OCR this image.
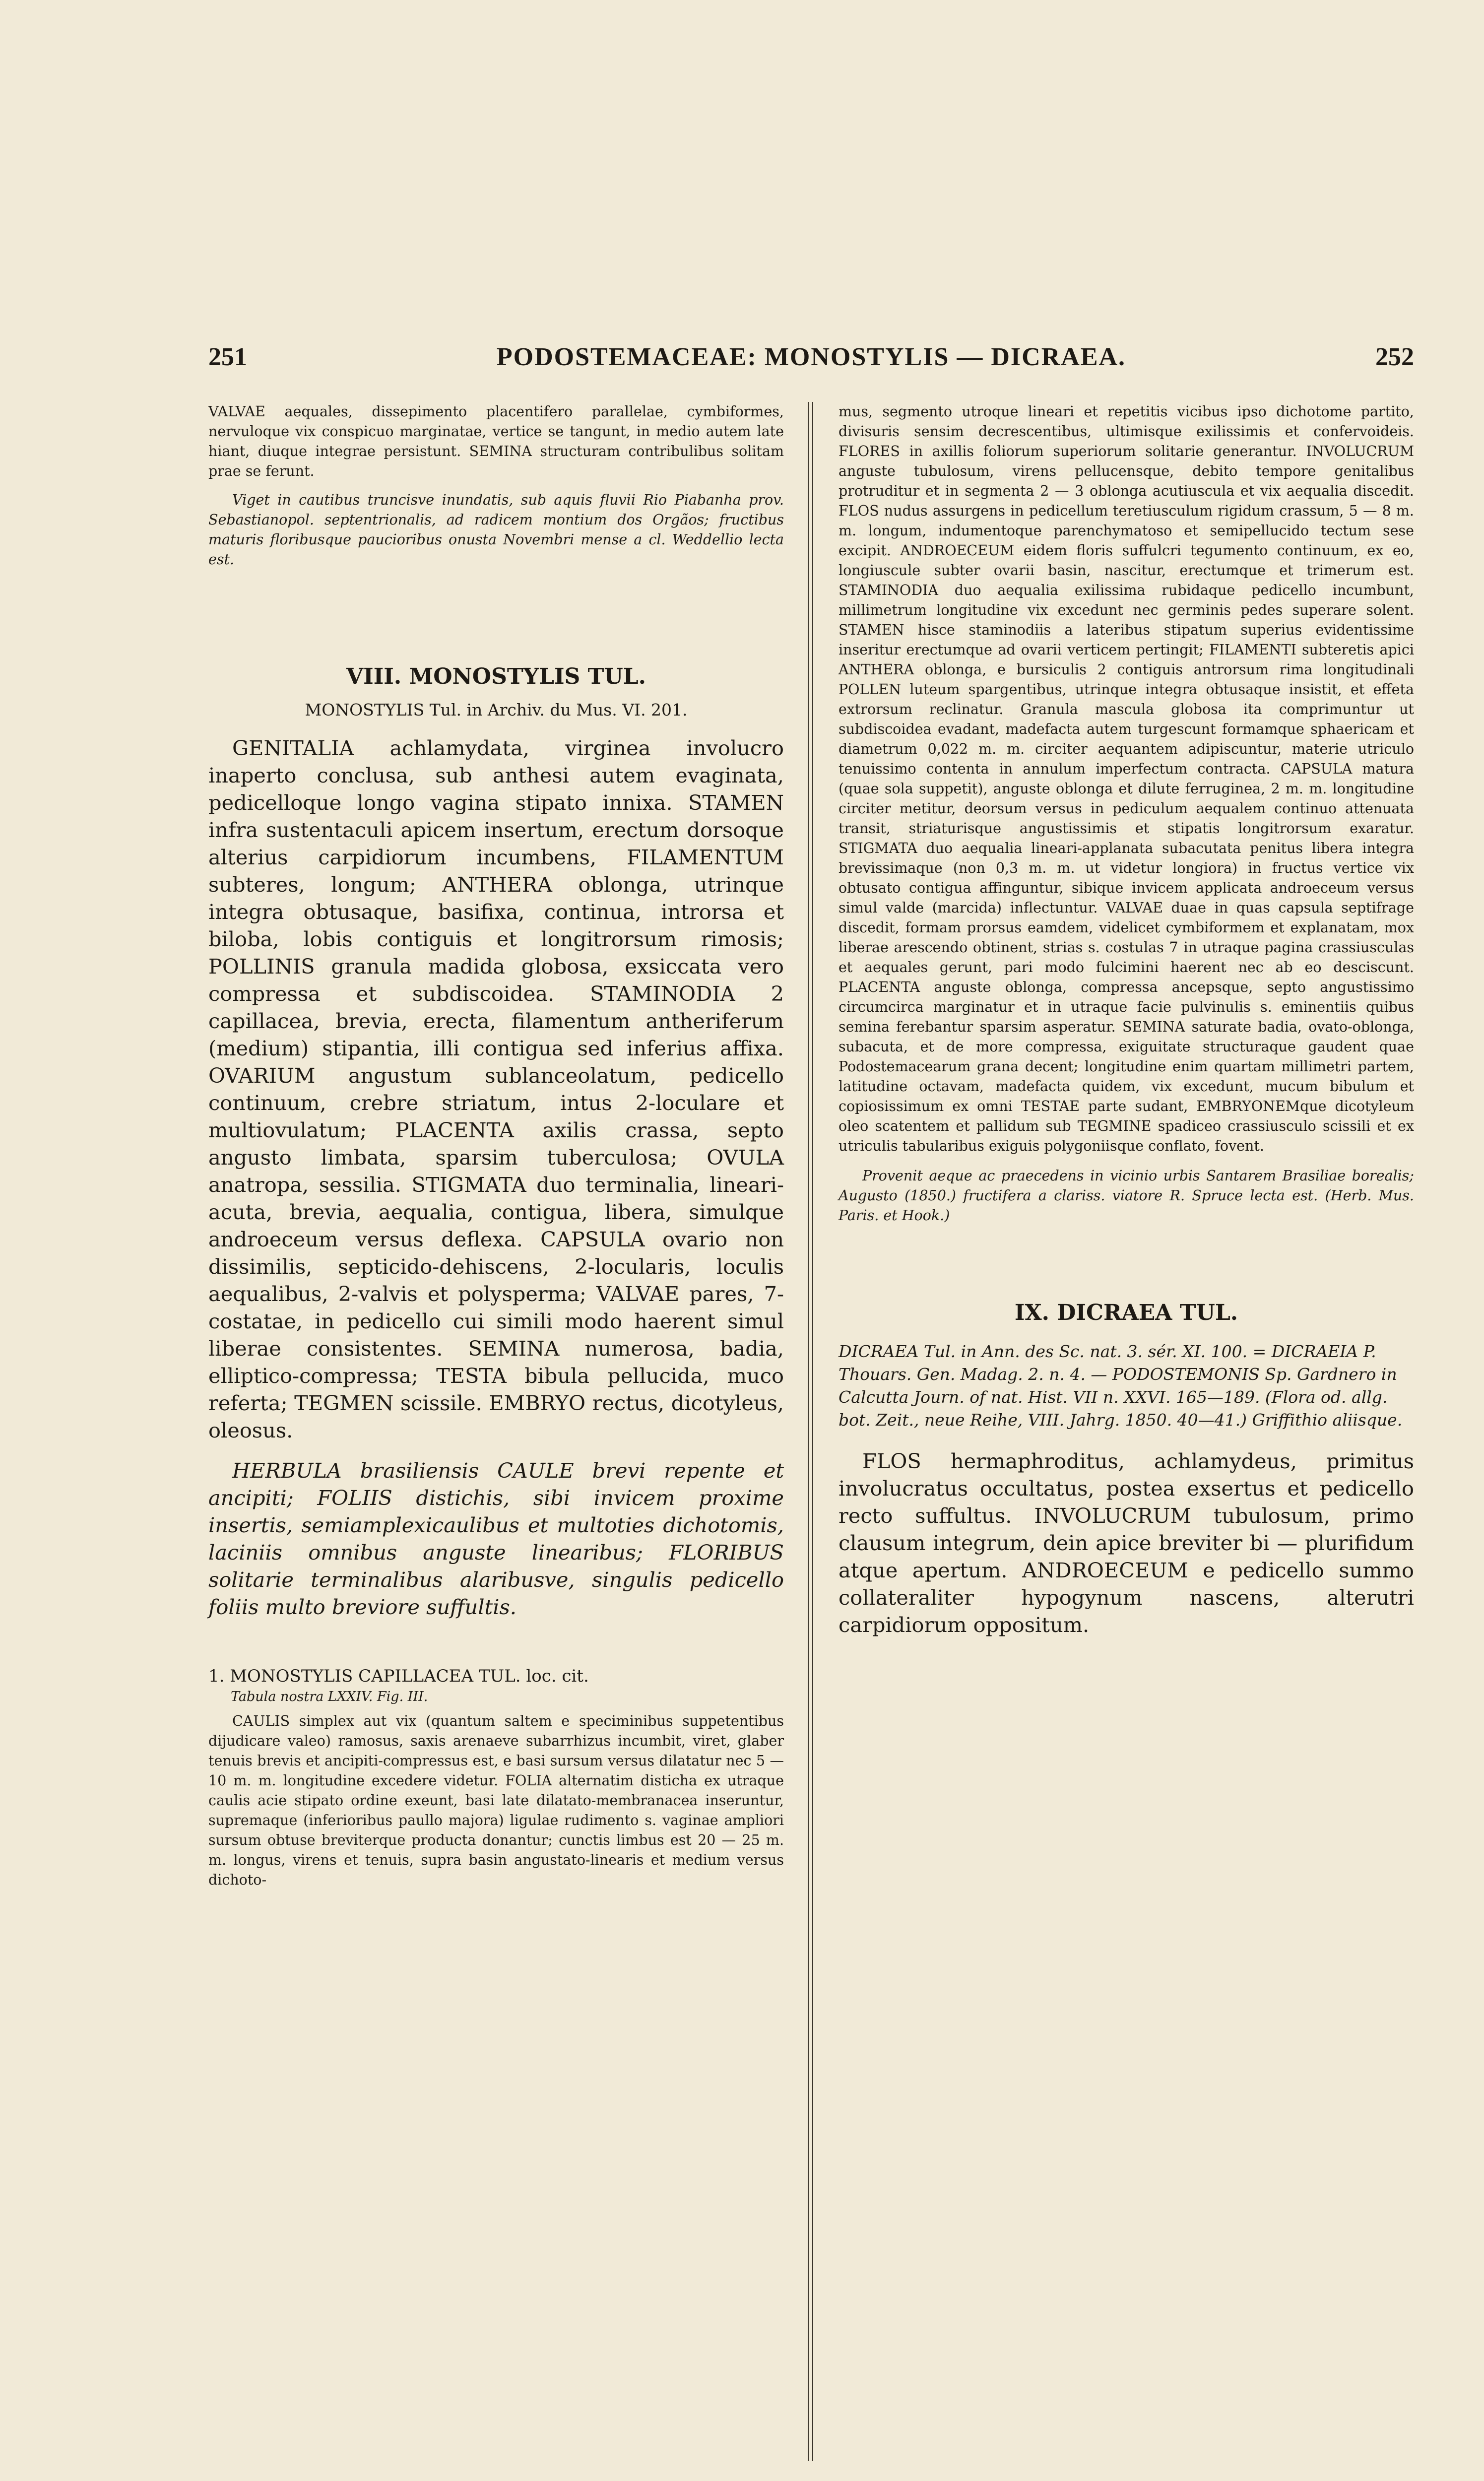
251	PODOSTEMACEAE: MONOSTYLIS — DICRAEA.	252

VALVAE aequales, dissepimento placentifero parallelae, cymbiformes, nervuloque vix conspicuo marginatae, vertice se tangunt, in medio autem late hiant, diuque integrae persistunt. SEMINA structuram contribulibus solitam prae se ferunt.

Viget in cautibus truncisve inundatis, sub aquis fluvii Rio Piabanha prov. Sebastianopol. septentrionalis, ad radicem montium dos Orgãos; fructibus maturis floribusque paucioribus onusta Novembri mense a cl. Weddellio lecta est.

VIII. MONOSTYLIS TUL.

MONOSTYLIS Tul. in Archiv. du Mus. VI. 201.

GENITALIA achlamydata, virginea involucro inaperto conclusa, sub anthesi autem evaginata, pedicelloque longo vagina stipato innixa. STAMEN infra sustentaculi apicem insertum, erectum dorsoque alterius carpidiorum incumbens, FILAMENTUM subteres, longum; ANTHERA oblonga, utrinque integra obtusaque, basifixa, continua, introrsa et biloba, lobis contiguis et longitrorsum rimosis; POLLINIS granula madida globosa, exsiccata vero compressa et subdiscoidea. STAMINODIA 2 capillacea, brevia, erecta, filamentum antheriferum (medium) stipantia, illi contigua sed inferius affixa. OVARIUM angustum sublanceolatum, pedicello continuum, crebre striatum, intus 2-loculare et multiovulatum; PLACENTA axilis crassa, septo angusto limbata, sparsim tuberculosa; OVULA anatropa, sessilia. STIGMATA duo terminalia, lineari-acuta, brevia, aequalia, contigua, libera, simulque androeceum versus deflexa. CAPSULA ovario non dissimilis, septicido-dehiscens, 2-locularis, loculis aequalibus, 2-valvis et polysperma; VALVAE pares, 7-costatae, in pedicello cui simili modo haerent simul liberae consistentes. SEMINA numerosa, badia, elliptico-compressa; TESTA bibula pellucida, muco referta; TEGMEN scissile. EMBRYO rectus, dicotyleus, oleosus.

HERBULA brasiliensis CAULE brevi repente et ancipiti; FOLIIS distichis, sibi invicem proxime insertis, semiamplexicaulibus et multoties dichotomis, laciniis omnibus anguste linearibus; FLORIBUS solitarie terminalibus alaribusve, singulis pedicello foliis multo breviore suffultis.

1. MONOSTYLIS CAPILLACEA TUL. loc. cit.

Tabula nostra LXXIV. Fig. III.

CAULIS simplex aut vix (quantum saltem e speciminibus suppetentibus dijudicare valeo) ramosus, saxis arenaeve subarrhizus incumbit, viret, glaber tenuis brevis et ancipiti-compressus est, e basi sursum versus dilatatur nec 5 — 10 m. m. longitudine excedere videtur. FOLIA alternatim disticha ex utraque caulis acie stipato ordine exeunt, basi late dilatato-membranacea inseruntur, supremaque (inferioribus paullo majora) ligulae rudimento s. vaginae ampliori sursum obtuse breviterque producta donantur; cunctis limbus est 20 — 25 m. m. longus, virens et tenuis, supra basin angustato-linearis et medium versus dichoto-

mus, segmento utroque lineari et repetitis vicibus ipso dichotome partito, divisuris sensim decrescentibus, ultimisque exilissimis et confervoideis. FLORES in axillis foliorum superiorum solitarie generantur. INVOLUCRUM anguste tubulosum, virens pellucensque, debito tempore genitalibus protruditur et in segmenta 2 — 3 oblonga acutiuscula et vix aequalia discedit. FLOS nudus assurgens in pedicellum teretiusculum rigidum crassum, 5 — 8 m. m. longum, indumentoque parenchymatoso et semipellucido tectum sese excipit. ANDROECEUM eidem floris suffulcri tegumento continuum, ex eo, longiuscule subter ovarii basin, nascitur, erectumque et trimerum est. STAMINODIA duo aequalia exilissima rubidaque pedicello incumbunt, millimetrum longitudine vix excedunt nec germinis pedes superare solent. STAMEN hisce staminodiis a lateribus stipatum superius evidentissime inseritur erectumque ad ovarii verticem pertingit; FILAMENTI subteretis apici ANTHERA oblonga, e bursiculis 2 contiguis antrorsum rima longitudinali POLLEN luteum spargentibus, utrinque integra obtusaque insistit, et effeta extrorsum reclinatur. Granula mascula globosa ita comprimuntur ut subdiscoidea evadant, madefacta autem turgescunt formamque sphaericam et diametrum 0,022 m. m. circiter aequantem adipiscuntur, materie utriculo tenuissimo contenta in annulum imperfectum contracta. CAPSULA matura (quae sola suppetit), anguste oblonga et dilute ferruginea, 2 m. m. longitudine circiter metitur, deorsum versus in pediculum aequalem continuo attenuata transit, striaturisque angustissimis et stipatis longitrorsum exaratur. STIGMATA duo aequalia lineari-applanata subacutata penitus libera integra brevissimaque (non 0,3 m. m. ut videtur longiora) in fructus vertice vix obtusato contigua affinguntur, sibique invicem applicata androeceum versus simul valde (marcida) inflectuntur. VALVAE duae in quas capsula septifrage discedit, formam prorsus eamdem, videlicet cymbiformem et explanatam, mox liberae arescendo obtinent, strias s. costulas 7 in utraque pagina crassiusculas et aequales gerunt, pari modo fulcimini haerent nec ab eo desciscunt. PLACENTA anguste oblonga, compressa ancepsque, septo angustissimo circumcirca marginatur et in utraque facie pulvinulis s. eminentiis quibus semina ferebantur sparsim asperatur. SEMINA saturate badia, ovato-oblonga, subacuta, et de more compressa, exiguitate structuraque gaudent quae Podostemacearum grana decent; longitudine enim quartam millimetri partem, latitudine octavam, madefacta quidem, vix excedunt, mucum bibulum et copiosissimum ex omni TESTAE parte sudant, EMBRYONEMque dicotyleum oleo scatentem et pallidum sub TEGMINE spadiceo crassiusculo scissili et ex utriculis tabularibus exiguis polygoniisque conflato, fovent.

Provenit aeque ac praecedens in vicinio urbis Santarem Brasiliae borealis; Augusto (1850.) fructifera a clariss. viatore R. Spruce lecta est. (Herb. Mus. Paris. et Hook.)

IX. DICRAEA TUL.

DICRAEA Tul. in Ann. des Sc. nat. 3. sér. XI. 100. = DICRAEIA P. Thouars. Gen. Madag. 2. n. 4. — PODOSTEMONIS Sp. Gardnero in Calcutta Journ. of nat. Hist. VII n. XXVI. 165—189. (Flora od. allg. bot. Zeit., neue Reihe, VIII. Jahrg. 1850. 40—41.) Griffithio aliisque.

FLOS hermaphroditus, achlamydeus, primitus involucratus occultatus, postea exsertus et pedicello recto suffultus. INVOLUCRUM tubulosum, primo clausum integrum, dein apice breviter bi — plurifidum atque apertum. ANDROECEUM e pedicello summo collateraliter hypogynum nascens, alterutri carpidiorum oppositum.
